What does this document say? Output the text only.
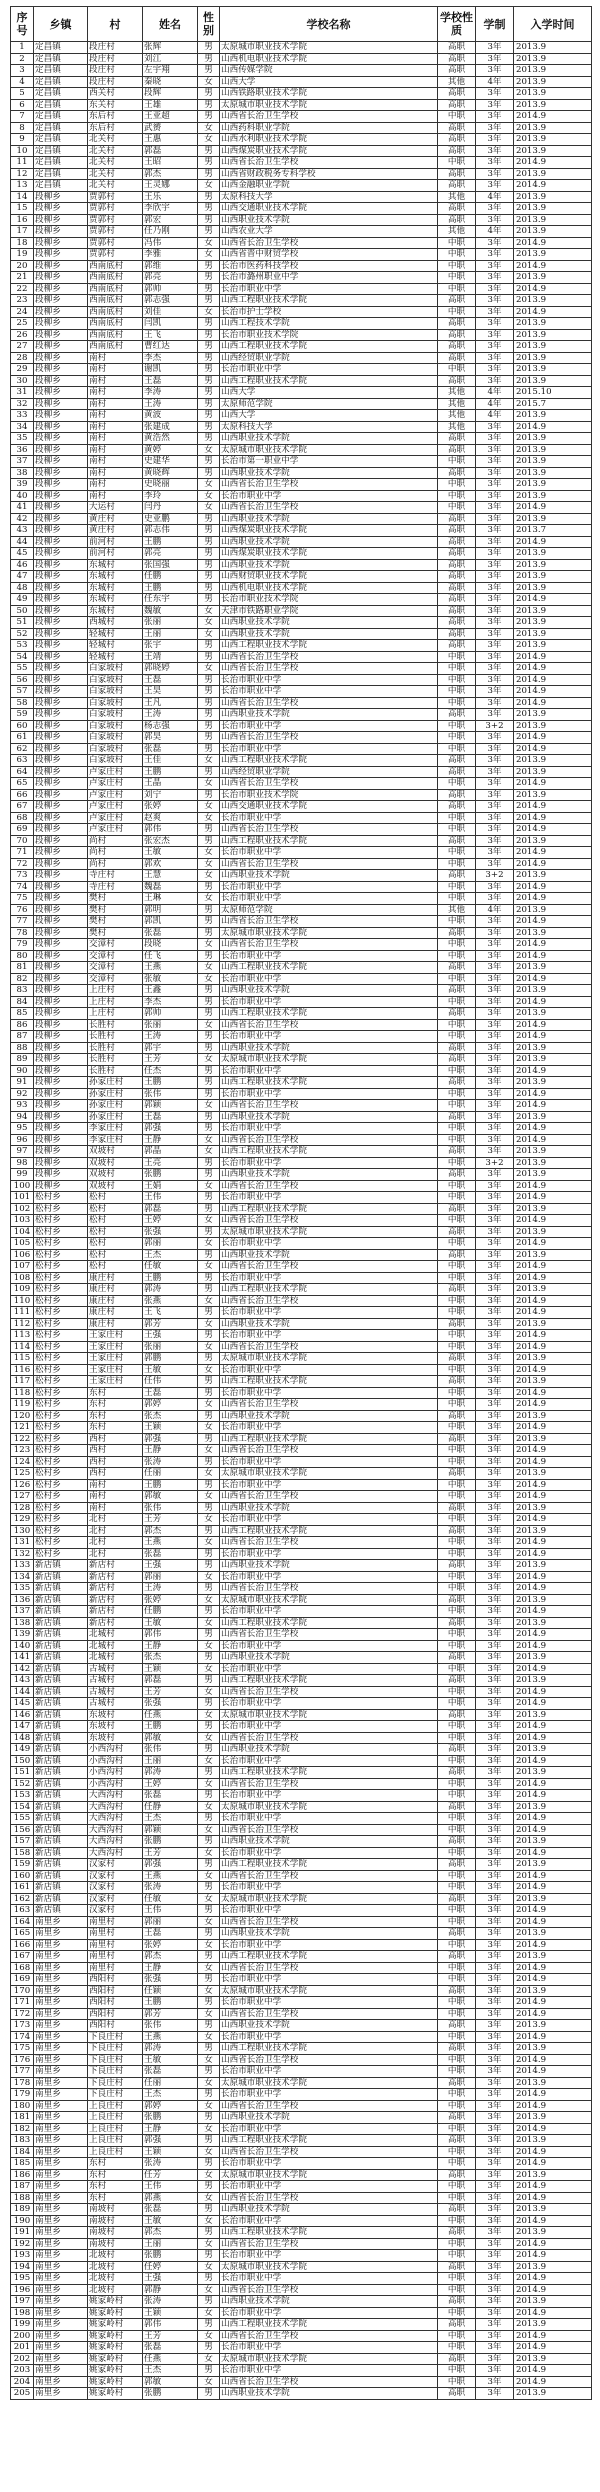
序号	乡镇	村	姓名	性别	学校名称	学校性质	学制	入学时间
1	定昌镇	段庄村	张辉	男	太原城市职业技术学院	高职	3年	2013.9
2	定昌镇	段庄村	刘江	男	山西机电职业技术学院	高职	3年	2013.9
3	定昌镇	段庄村	左宇翔	男	山西传媒学院	高职	3年	2013.9
4	定昌镇	段庄村	秦晓	女	山西大学	其他	4年	2013.9
5	定昌镇	西关村	段辉	男	山西铁路职业技术学院	高职	3年	2013.9
6	定昌镇	东关村	王雄	男	太原城市职业技术学院	高职	3年	2013.9
7	定昌镇	东后村	王亚超	男	山西省长治卫生学校	中职	3年	2014.9
8	定昌镇	东后村	武赟	女	山西药科职业学院	高职	3年	2013.9
9	定昌镇	北关村	王惠	女	山西水利职业技术学院	高职	3年	2013.9
10	定昌镇	北关村	郭磊	男	山西煤炭职业技术学院	高职	3年	2013.9
11	定昌镇	北关村	王昭	男	山西省长治卫生学校	中职	3年	2014.9
12	定昌镇	北关村	郭杰	男	山西省财政税务专科学校	高职	3年	2013.9
13	定昌镇	北关村	王灵娜	女	山西金融职业学院	高职	3年	2014.9
14	段柳乡	贾郭村	王乐	男	太原科技大学	其他	4年	2013.9
15	段柳乡	贾郭村	李欣宇	男	山西交通职业技术学院	高职	3年	2013.9
16	段柳乡	贾郭村	郭宏	男	山西职业技术学院	高职	3年	2013.9
17	段柳乡	贾郭村	任乃刚	男	山西农业大学	其他	4年	2013.9
18	段柳乡	贾郭村	冯伟	女	山西省长治卫生学校	中职	3年	2014.9
19	段柳乡	贾郭村	李雅	女	山西省晋中财贸学校	中职	3年	2013.9
20	段柳乡	西南底村	郭维	男	长治市医药科技学校	中职	3年	2014.9
21	段柳乡	西南底村	郭亮	男	长治市潞州职业中学	中职	3年	2013.9
22	段柳乡	西南底村	郭帅	男	长治市职业中学	中职	3年	2014.9
23	段柳乡	西南底村	郭志强	男	山西工程职业技术学院	高职	3年	2013.9
24	段柳乡	西南底村	刘佳	女	长治市护士学校	中职	3年	2014.9
25	段柳乡	西南底村	闫凯	男	山西工程技术学院	高职	3年	2013.9
26	段柳乡	西南底村	王飞	男	长治市职业技术学院	高职	3年	2013.9
27	段柳乡	西南底村	曹红达	男	山西工程职业技术学院	高职	3年	2013.9
28	段柳乡	南村	李杰	男	山西经贸职业学院	高职	3年	2013.9
29	段柳乡	南村	谢凯	男	长治市职业中学	中职	3年	2013.9
30	段柳乡	南村	王磊	男	山西工程职业技术学院	高职	3年	2013.9
31	段柳乡	南村	李涛	男	山西大学	其他	4年	2015.10
32	段柳乡	南村	王涛	男	太原师范学院	其他	4年	2015.7
33	段柳乡	南村	黄波	男	山西大学	其他	4年	2013.9
34	段柳乡	南村	张建成	男	太原科技大学	其他	3年	2014.9
35	段柳乡	南村	黄浩然	男	山西职业技术学院	高职	3年	2013.9
36	段柳乡	南村	黄婷	女	太原城市职业技术学院	高职	3年	2013.9
37	段柳乡	南村	史建华	男	长治市第一职业中学	中职	3年	2013.9
38	段柳乡	南村	黄晓辉	男	山西职业技术学院	高职	3年	2013.9
39	段柳乡	南村	史晓丽	女	山西省长治卫生学校	中职	3年	2013.9
40	段柳乡	南村	李玲	女	长治市职业中学	中职	3年	2013.9
41	段柳乡	大运村	闫丹	女	山西省长治卫生学校	中职	3年	2014.9
42	段柳乡	黄庄村	史亚鹏	男	山西职业技术学院	高职	3年	2013.9
43	段柳乡	黄庄村	郭志伟	男	山西煤炭职业技术学院	高职	3年	2013.7
44	段柳乡	前河村	王鹏	男	山西职业技术学院	高职	3年	2014.9
45	段柳乡	前河村	郭亮	男	山西煤炭职业技术学院	高职	3年	2013.9
46	段柳乡	东城村	张国强	男	山西职业技术学院	高职	3年	2013.9
47	段柳乡	东城村	任鹏	男	山西财贸职业技术学院	高职	3年	2013.9
48	段柳乡	东城村	王鹏	男	山西机电职业技术学院	高职	3年	2013.9
49	段柳乡	东城村	任东宇	男	长治市职业技术学院	高职	3年	2014.9
50	段柳乡	东城村	魏敏	女	天津市铁路职业学院	高职	3年	2013.9
51	段柳乡	西城村	张丽	女	山西职业技术学院	高职	3年	2013.9
52	段柳乡	轻城村	王丽	女	山西职业技术学院	高职	3年	2013.9
53	段柳乡	轻城村	张宇	男	山西工程职业技术学院	高职	3年	2013.9
54	段柳乡	轻城村	王靖	男	山西省长治卫生学校	中职	3年	2014.9
55	段柳乡	白家坡村	郭晓婷	女	山西省长治卫生学校	中职	3年	2014.9
56	段柳乡	白家坡村	王磊	男	长治市职业中学	中职	3年	2014.9
57	段柳乡	白家坡村	王昊	男	长治市职业中学	中职	3年	2014.9
58	段柳乡	白家坡村	王凡	男	山西省长治卫生学校	中职	3年	2014.9
59	段柳乡	白家坡村	王涛	男	山西职业技术学院	高职	3年	2013.9
60	段柳乡	白家坡村	杨志强	男	长治市职业中学	中职	3+2	2013.9
61	段柳乡	白家坡村	郭昊	男	山西省长治卫生学校	中职	3年	2014.9
62	段柳乡	白家坡村	张磊	男	长治市职业中学	中职	3年	2014.9
63	段柳乡	白家坡村	王佳	女	山西工程职业技术学院	高职	3年	2013.9
64	段柳乡	卢家庄村	王鹏	男	山西经贸职业学院	高职	3年	2013.9
65	段柳乡	卢家庄村	王晶	女	山西省长治卫生学校	中职	3年	2014.9
66	段柳乡	卢家庄村	刘宁	男	长治市职业技术学院	高职	3年	2013.9
67	段柳乡	卢家庄村	张婷	女	山西交通职业技术学院	高职	3年	2014.9
68	段柳乡	卢家庄村	赵爽	女	长治市职业中学	中职	3年	2014.9
69	段柳乡	卢家庄村	郭伟	男	山西省长治卫生学校	中职	3年	2014.9
70	段柳乡	尚村	张宏杰	男	山西工程职业技术学院	高职	3年	2013.9
71	段柳乡	尚村	王敏	女	长治市职业中学	中职	3年	2014.9
72	段柳乡	尚村	郭欢	女	山西省长治卫生学校	中职	3年	2014.9
73	段柳乡	寺庄村	王慧	女	山西职业技术学院	高职	3+2	2013.9
74	段柳乡	寺庄村	魏磊	男	长治市职业中学	中职	3年	2014.9
75	段柳乡	樊村	王琳	女	长治市职业中学	中职	3年	2014.9
76	段柳乡	樊村	郭明	男	太原师范学院	其他	4年	2013.9
77	段柳乡	樊村	郭凯	男	山西省长治卫生学校	中职	3年	2014.9
78	段柳乡	樊村	张磊	男	太原城市职业技术学院	高职	3年	2013.9
79	段柳乡	交漳村	段晓	女	山西省长治卫生学校	中职	3年	2014.9
80	段柳乡	交漳村	任飞	男	长治市职业中学	中职	3年	2014.9
81	段柳乡	交漳村	王燕	女	山西工程职业技术学院	高职	3年	2013.9
82	段柳乡	交漳村	张敏	女	长治市职业中学	中职	3年	2014.9
83	段柳乡	上庄村	王鑫	男	山西职业技术学院	高职	3年	2013.9
84	段柳乡	上庄村	李杰	男	长治市职业中学	中职	3年	2014.9
85	段柳乡	上庄村	郭帅	男	山西工程职业技术学院	高职	3年	2013.9
86	段柳乡	长胜村	张丽	女	山西省长治卫生学校	中职	3年	2014.9
87	段柳乡	长胜村	王涛	男	长治市职业中学	中职	3年	2014.9
88	段柳乡	长胜村	郭宇	男	山西职业技术学院	高职	3年	2013.9
89	段柳乡	长胜村	王芳	女	太原城市职业技术学院	高职	3年	2013.9
90	段柳乡	长胜村	任杰	男	长治市职业中学	中职	3年	2014.9
91	段柳乡	孙家庄村	王鹏	男	山西工程职业技术学院	高职	3年	2013.9
92	段柳乡	孙家庄村	张伟	男	长治市职业中学	中职	3年	2014.9
93	段柳乡	孙家庄村	郭颖	女	山西省长治卫生学校	中职	3年	2014.9
94	段柳乡	孙家庄村	王磊	男	山西职业技术学院	高职	3年	2013.9
95	段柳乡	李家庄村	郭强	男	长治市职业中学	中职	3年	2014.9
96	段柳乡	李家庄村	王静	女	山西省长治卫生学校	中职	3年	2014.9
97	段柳乡	双坡村	郭晶	女	山西工程职业技术学院	高职	3年	2013.9
98	段柳乡	双坡村	王亮	男	长治市职业中学	中职	3+2	2013.9
99	段柳乡	双坡村	张鹏	男	山西职业技术学院	高职	3年	2013.9
100	段柳乡	双坡村	王娟	女	山西省长治卫生学校	中职	3年	2014.9
101	松村乡	松村	王伟	男	长治市职业中学	中职	3年	2014.9
102	松村乡	松村	郭磊	男	山西工程职业技术学院	高职	3年	2013.9
103	松村乡	松村	王婷	女	山西省长治卫生学校	中职	3年	2014.9
104	松村乡	松村	张强	男	太原城市职业技术学院	高职	3年	2013.9
105	松村乡	松村	郭丽	女	长治市职业中学	中职	3年	2014.9
106	松村乡	松村	王杰	男	山西职业技术学院	高职	3年	2013.9
107	松村乡	松村	任敏	女	山西省长治卫生学校	中职	3年	2014.9
108	松村乡	康庄村	王鹏	男	长治市职业中学	中职	3年	2014.9
109	松村乡	康庄村	郭涛	男	山西工程职业技术学院	高职	3年	2013.9
110	松村乡	康庄村	张燕	女	山西省长治卫生学校	中职	3年	2014.9
111	松村乡	康庄村	王飞	男	长治市职业中学	中职	3年	2014.9
112	松村乡	康庄村	郭芳	女	山西职业技术学院	高职	3年	2013.9
113	松村乡	王家庄村	王强	男	长治市职业中学	中职	3年	2014.9
114	松村乡	王家庄村	张丽	女	山西省长治卫生学校	中职	3年	2014.9
115	松村乡	王家庄村	郭鹏	男	太原城市职业技术学院	高职	3年	2013.9
116	松村乡	王家庄村	王敏	女	长治市职业中学	中职	3年	2014.9
117	松村乡	王家庄村	任伟	男	山西工程职业技术学院	高职	3年	2013.9
118	松村乡	东村	王磊	男	长治市职业中学	中职	3年	2014.9
119	松村乡	东村	郭婷	女	山西省长治卫生学校	中职	3年	2014.9
120	松村乡	东村	张杰	男	山西职业技术学院	高职	3年	2013.9
121	松村乡	东村	王颖	女	长治市职业中学	中职	3年	2014.9
122	松村乡	西村	郭强	男	山西工程职业技术学院	高职	3年	2013.9
123	松村乡	西村	王静	女	山西省长治卫生学校	中职	3年	2014.9
124	松村乡	西村	张涛	男	长治市职业中学	中职	3年	2014.9
125	松村乡	西村	任丽	女	太原城市职业技术学院	高职	3年	2013.9
126	松村乡	南村	王鹏	男	长治市职业中学	中职	3年	2014.9
127	松村乡	南村	郭敏	女	山西省长治卫生学校	中职	3年	2014.9
128	松村乡	南村	张伟	男	山西职业技术学院	高职	3年	2013.9
129	松村乡	北村	王芳	女	长治市职业中学	中职	3年	2014.9
130	松村乡	北村	郭杰	男	山西工程职业技术学院	高职	3年	2013.9
131	松村乡	北村	王燕	女	山西省长治卫生学校	中职	3年	2014.9
132	松村乡	北村	张磊	男	长治市职业中学	中职	3年	2014.9
133	新店镇	新店村	王强	男	山西职业技术学院	高职	3年	2013.9
134	新店镇	新店村	郭丽	女	长治市职业中学	中职	3年	2014.9
135	新店镇	新店村	王涛	男	山西省长治卫生学校	中职	3年	2014.9
136	新店镇	新店村	张婷	女	太原城市职业技术学院	高职	3年	2013.9
137	新店镇	新店村	任鹏	男	长治市职业中学	中职	3年	2014.9
138	新店镇	新店村	王敏	女	山西工程职业技术学院	高职	3年	2013.9
139	新店镇	北城村	郭伟	男	山西省长治卫生学校	中职	3年	2014.9
140	新店镇	北城村	王静	女	长治市职业中学	中职	3年	2014.9
141	新店镇	北城村	张杰	男	山西职业技术学院	高职	3年	2013.9
142	新店镇	古城村	王颖	女	长治市职业中学	中职	3年	2014.9
143	新店镇	古城村	郭磊	男	山西工程职业技术学院	高职	3年	2013.9
144	新店镇	古城村	王芳	女	山西省长治卫生学校	中职	3年	2014.9
145	新店镇	古城村	张强	男	长治市职业中学	中职	3年	2014.9
146	新店镇	东坡村	任燕	女	太原城市职业技术学院	高职	3年	2013.9
147	新店镇	东坡村	王鹏	男	长治市职业中学	中职	3年	2014.9
148	新店镇	东坡村	郭敏	女	山西省长治卫生学校	中职	3年	2014.9
149	新店镇	小西沟村	张伟	男	山西职业技术学院	高职	3年	2013.9
150	新店镇	小西沟村	王丽	女	长治市职业中学	中职	3年	2014.9
151	新店镇	小西沟村	郭涛	男	山西工程职业技术学院	高职	3年	2013.9
152	新店镇	小西沟村	王婷	女	山西省长治卫生学校	中职	3年	2014.9
153	新店镇	大西沟村	张磊	男	长治市职业中学	中职	3年	2014.9
154	新店镇	大西沟村	任静	女	太原城市职业技术学院	高职	3年	2013.9
155	新店镇	大西沟村	王杰	男	长治市职业中学	中职	3年	2014.9
156	新店镇	大西沟村	郭颖	女	山西省长治卫生学校	中职	3年	2014.9
157	新店镇	大西沟村	张鹏	男	山西职业技术学院	高职	3年	2013.9
158	新店镇	大西沟村	王芳	女	长治市职业中学	中职	3年	2014.9
159	新店镇	汉家村	郭强	男	山西工程职业技术学院	高职	3年	2013.9
160	新店镇	汉家村	王燕	女	山西省长治卫生学校	中职	3年	2014.9
161	新店镇	汉家村	张涛	男	长治市职业中学	中职	3年	2014.9
162	新店镇	汉家村	任敏	女	太原城市职业技术学院	高职	3年	2013.9
163	新店镇	汉家村	王伟	男	长治市职业中学	中职	3年	2014.9
164	南里乡	南里村	郭丽	女	山西省长治卫生学校	中职	3年	2014.9
165	南里乡	南里村	王磊	男	山西职业技术学院	高职	3年	2013.9
166	南里乡	南里村	张婷	女	长治市职业中学	中职	3年	2014.9
167	南里乡	南里村	郭杰	男	山西工程职业技术学院	高职	3年	2013.9
168	南里乡	南里村	王静	女	山西省长治卫生学校	中职	3年	2014.9
169	南里乡	西阳村	张强	男	长治市职业中学	中职	3年	2014.9
170	南里乡	西阳村	任颖	女	太原城市职业技术学院	高职	3年	2013.9
171	南里乡	西阳村	王鹏	男	长治市职业中学	中职	3年	2014.9
172	南里乡	西阳村	郭芳	女	山西省长治卫生学校	中职	3年	2014.9
173	南里乡	西阳村	张伟	男	山西职业技术学院	高职	3年	2013.9
174	南里乡	下良庄村	王燕	女	长治市职业中学	中职	3年	2014.9
175	南里乡	下良庄村	郭涛	男	山西工程职业技术学院	高职	3年	2013.9
176	南里乡	下良庄村	王敏	女	山西省长治卫生学校	中职	3年	2014.9
177	南里乡	下良庄村	张磊	男	长治市职业中学	中职	3年	2014.9
178	南里乡	下良庄村	任丽	女	太原城市职业技术学院	高职	3年	2013.9
179	南里乡	下良庄村	王杰	男	长治市职业中学	中职	3年	2014.9
180	南里乡	上良庄村	郭婷	女	山西省长治卫生学校	中职	3年	2014.9
181	南里乡	上良庄村	张鹏	男	山西职业技术学院	高职	3年	2013.9
182	南里乡	上良庄村	王静	女	长治市职业中学	中职	3年	2014.9
183	南里乡	上良庄村	郭强	男	山西工程职业技术学院	高职	3年	2013.9
184	南里乡	上良庄村	王颖	女	山西省长治卫生学校	中职	3年	2014.9
185	南里乡	东村	张涛	男	长治市职业中学	中职	3年	2014.9
186	南里乡	东村	任芳	女	太原城市职业技术学院	高职	3年	2013.9
187	南里乡	东村	王伟	男	长治市职业中学	中职	3年	2014.9
188	南里乡	东村	郭燕	女	山西省长治卫生学校	中职	3年	2014.9
189	南里乡	南坡村	张磊	男	山西职业技术学院	高职	3年	2013.9
190	南里乡	南坡村	王敏	女	长治市职业中学	中职	3年	2014.9
191	南里乡	南坡村	郭杰	男	山西工程职业技术学院	高职	3年	2013.9
192	南里乡	南坡村	王丽	女	山西省长治卫生学校	中职	3年	2014.9
193	南里乡	北坡村	张鹏	男	长治市职业中学	中职	3年	2014.9
194	南里乡	北坡村	任婷	女	太原城市职业技术学院	高职	3年	2013.9
195	南里乡	北坡村	王强	男	长治市职业中学	中职	3年	2014.9
196	南里乡	北坡村	郭静	女	山西省长治卫生学校	中职	3年	2014.9
197	南里乡	姚家岭村	张涛	男	山西职业技术学院	高职	3年	2013.9
198	南里乡	姚家岭村	王颖	女	长治市职业中学	中职	3年	2014.9
199	南里乡	姚家岭村	郭伟	男	山西工程职业技术学院	高职	3年	2013.9
200	南里乡	姚家岭村	王芳	女	山西省长治卫生学校	中职	3年	2014.9
201	南里乡	姚家岭村	张磊	男	长治市职业中学	中职	3年	2014.9
202	南里乡	姚家岭村	任燕	女	太原城市职业技术学院	高职	3年	2013.9
203	南里乡	姚家岭村	王杰	男	长治市职业中学	中职	3年	2014.9
204	南里乡	姚家岭村	郭敏	女	山西省长治卫生学校	中职	3年	2014.9
205	南里乡	姚家岭村	张鹏	男	山西职业技术学院	高职	3年	2013.9
